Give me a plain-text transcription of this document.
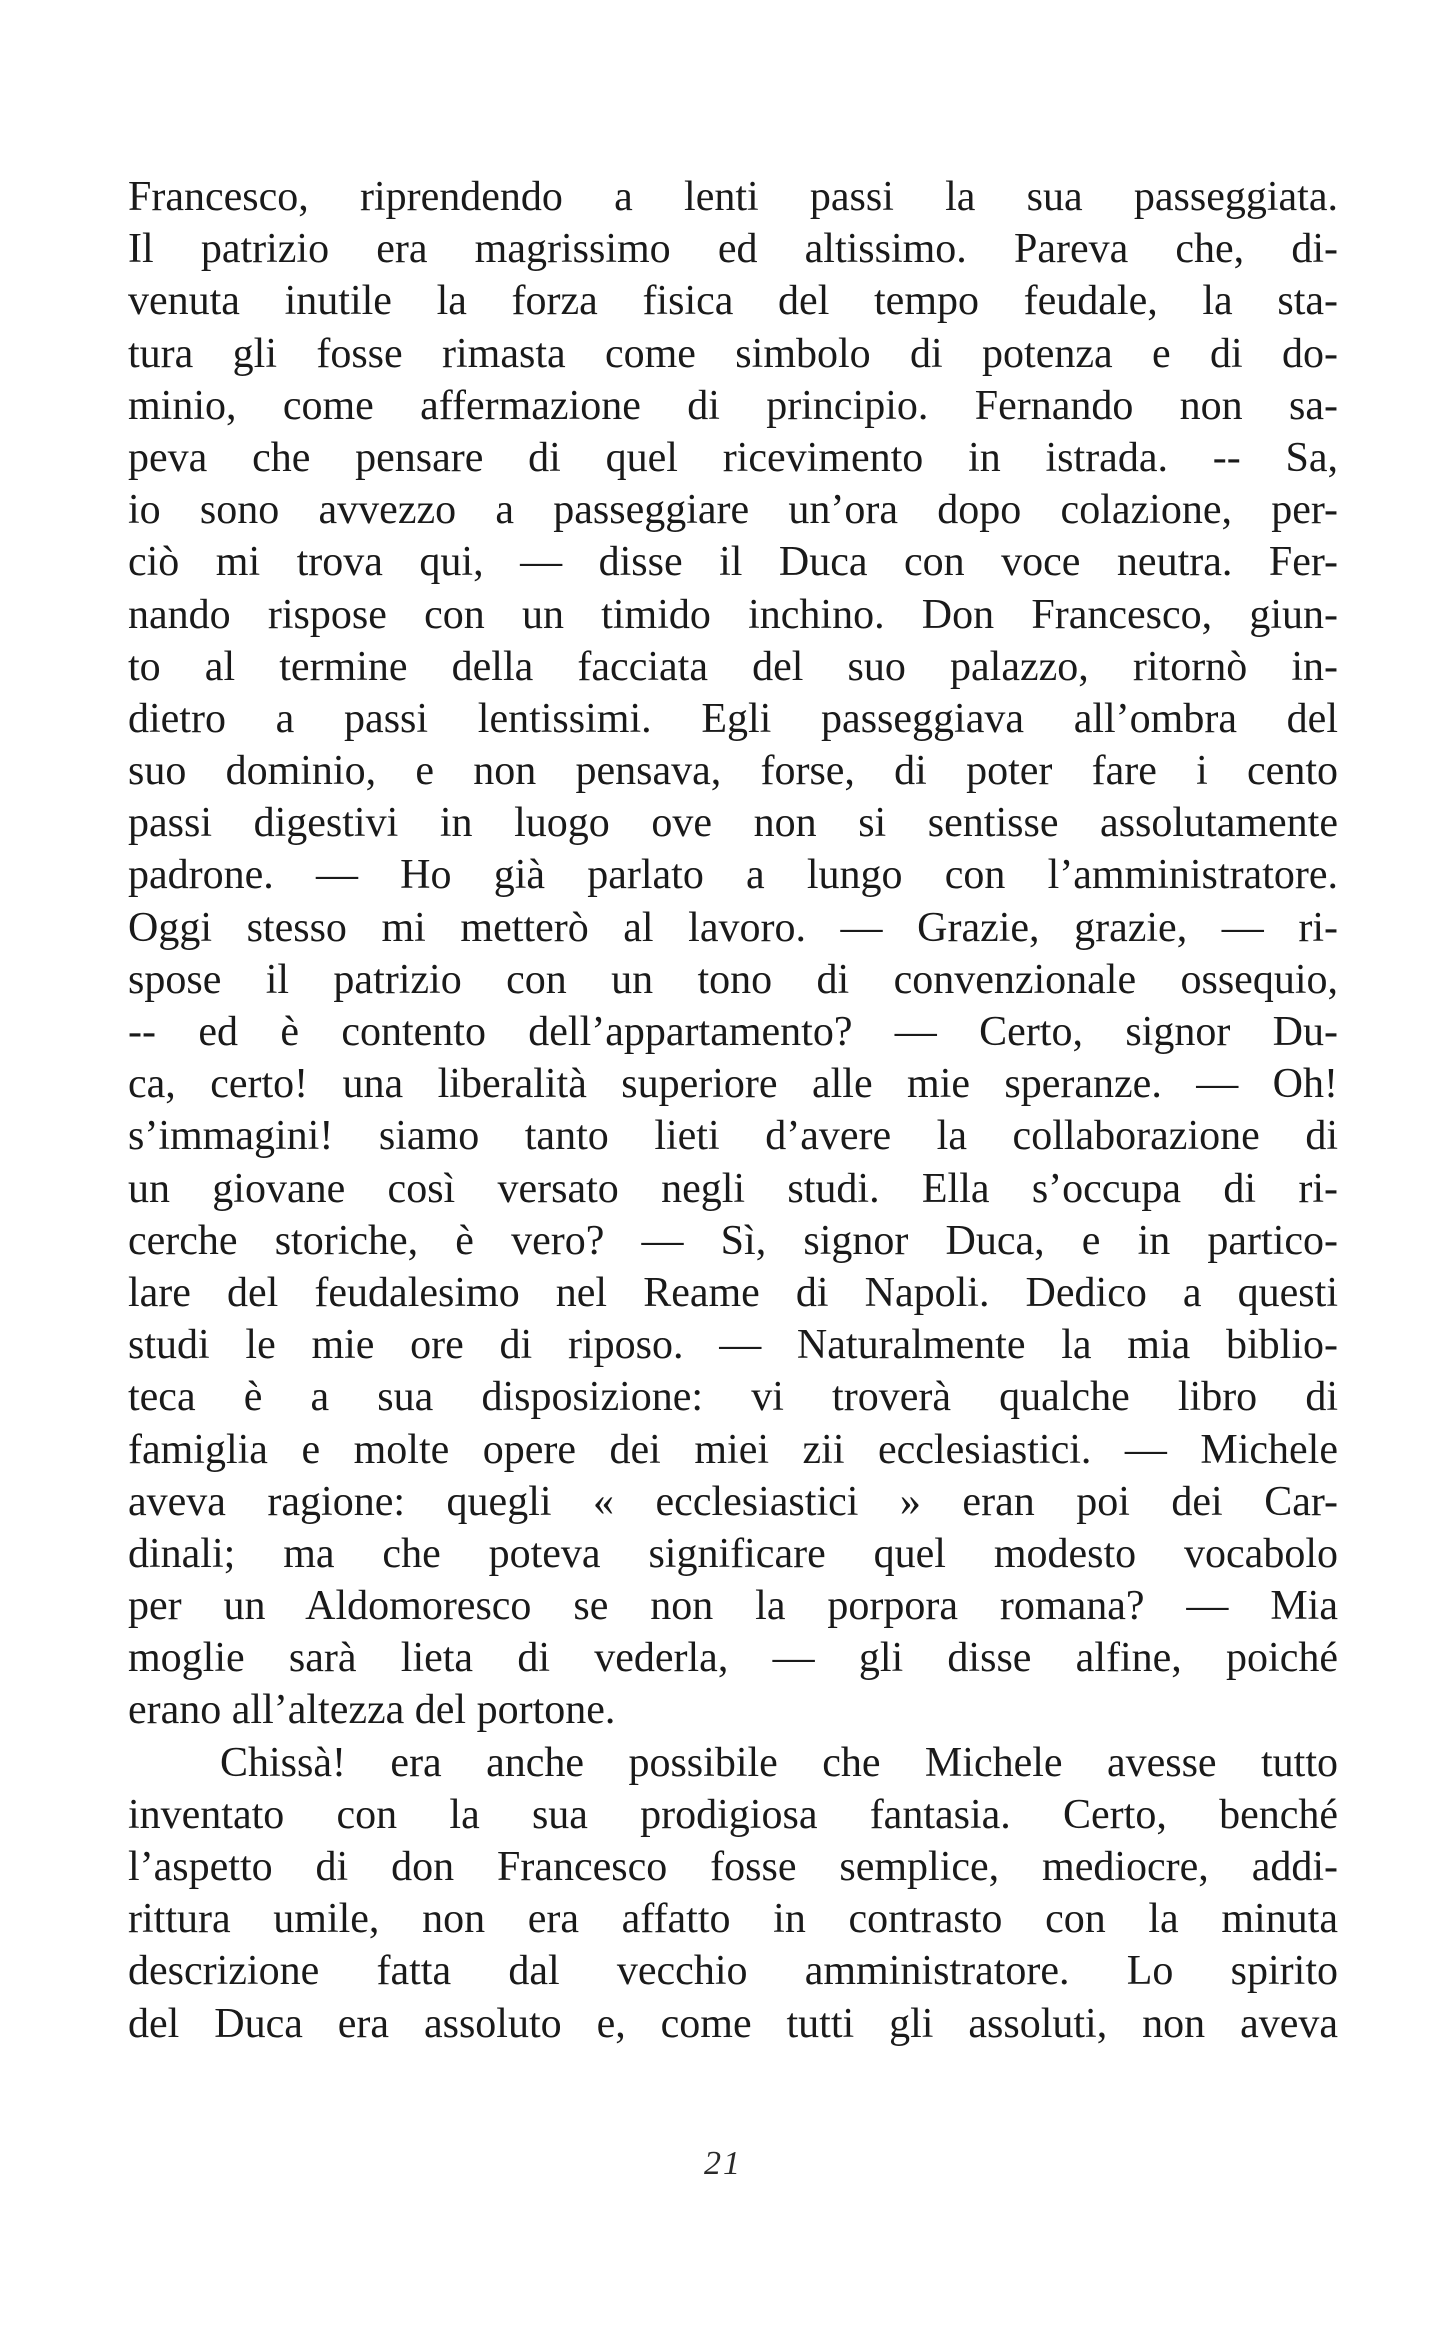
Francesco, riprendendo a lenti passi la sua passeggiata.
Il patrizio era magrissimo ed altissimo. Pareva che, di-
venuta inutile la forza fisica del tempo feudale, la sta-
tura gli fosse rimasta come simbolo di potenza e di do-
minio, come affermazione di principio. Fernando non sa-
peva che pensare di quel ricevimento in istrada. -- Sa,
io sono avvezzo a passeggiare un’ora dopo colazione, per-
ciò mi trova qui, — disse il Duca con voce neutra. Fer-
nando rispose con un timido inchino. Don Francesco, giun-
to al termine della facciata del suo palazzo, ritornò in-
dietro a passi lentissimi. Egli passeggiava all’ombra del
suo dominio, e non pensava, forse, di poter fare i cento
passi digestivi in luogo ove non si sentisse assolutamente
padrone. — Ho già parlato a lungo con l’amministratore.
Oggi stesso mi metterò al lavoro. — Grazie, grazie, — ri-
spose il patrizio con un tono di convenzionale ossequio,
-- ed è contento dell’appartamento? — Certo, signor Du-
ca, certo! una liberalità superiore alle mie speranze. — Oh!
s’immagini! siamo tanto lieti d’avere la collaborazione di
un giovane così versato negli studi. Ella s’occupa di ri-
cerche storiche, è vero? — Sì, signor Duca, e in partico-
lare del feudalesimo nel Reame di Napoli. Dedico a questi
studi le mie ore di riposo. — Naturalmente la mia biblio-
teca è a sua disposizione: vi troverà qualche libro di
famiglia e molte opere dei miei zii ecclesiastici. — Michele
aveva ragione: quegli « ecclesiastici » eran poi dei Car-
dinali; ma che poteva significare quel modesto vocabolo
per un Aldomoresco se non la porpora romana? — Mia
moglie sarà lieta di vederla, — gli disse alfine, poiché
erano all’altezza del portone.
Chissà! era anche possibile che Michele avesse tutto
inventato con la sua prodigiosa fantasia. Certo, benché
l’aspetto di don Francesco fosse semplice, mediocre, addi-
rittura umile, non era affatto in contrasto con la minuta
descrizione fatta dal vecchio amministratore. Lo spirito
del Duca era assoluto e, come tutti gli assoluti, non aveva
21
